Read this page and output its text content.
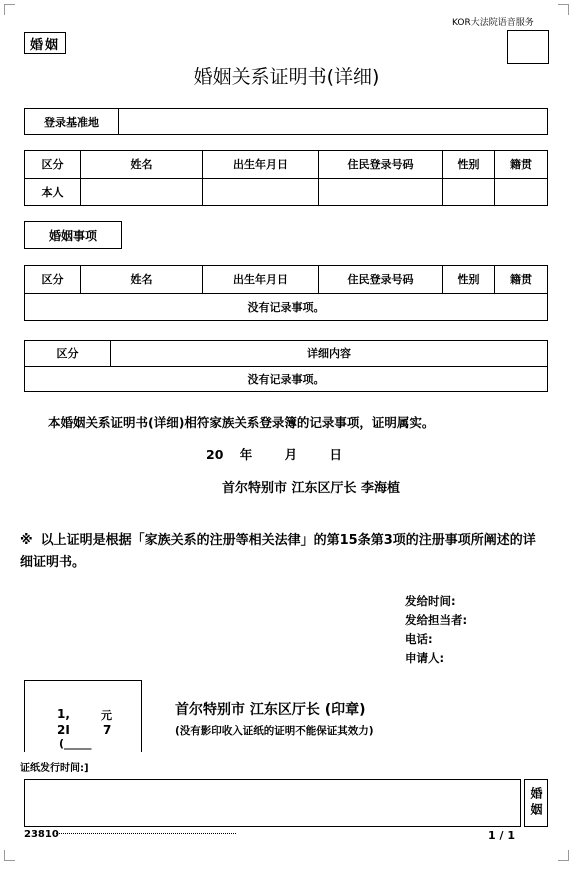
KOR大法院语音服务
婚姻
婚姻关系证明书(详细)
登录基准地	
区分	姓名	出生年月日	住民登录号码	性别	籍贯
本人					
婚姻事项
区分	姓名	出生年月日	住民登录号码	性别	籍贯
没有记录事项。
区分	详细内容
没有记录事项。
本婚姻关系证明书(详细)相符家族关系登录簿的记录事项，证明属实。
20 年	月	日
首尔特别市 江东区厅长 李海植
※ 以上证明是根据「家族关系的注册等相关法律」的第15条第3项的注册事项所阐述的详细证明书。
发给时间:
发给担当者:
电话:
申请人:
1,	元
2I	7
(_____
首尔特别市 江东区厅长 (印章)
(没有影印收入证纸的证明不能保证其效力)
证纸发行时间:]
婚姻
23810	1 / 1
